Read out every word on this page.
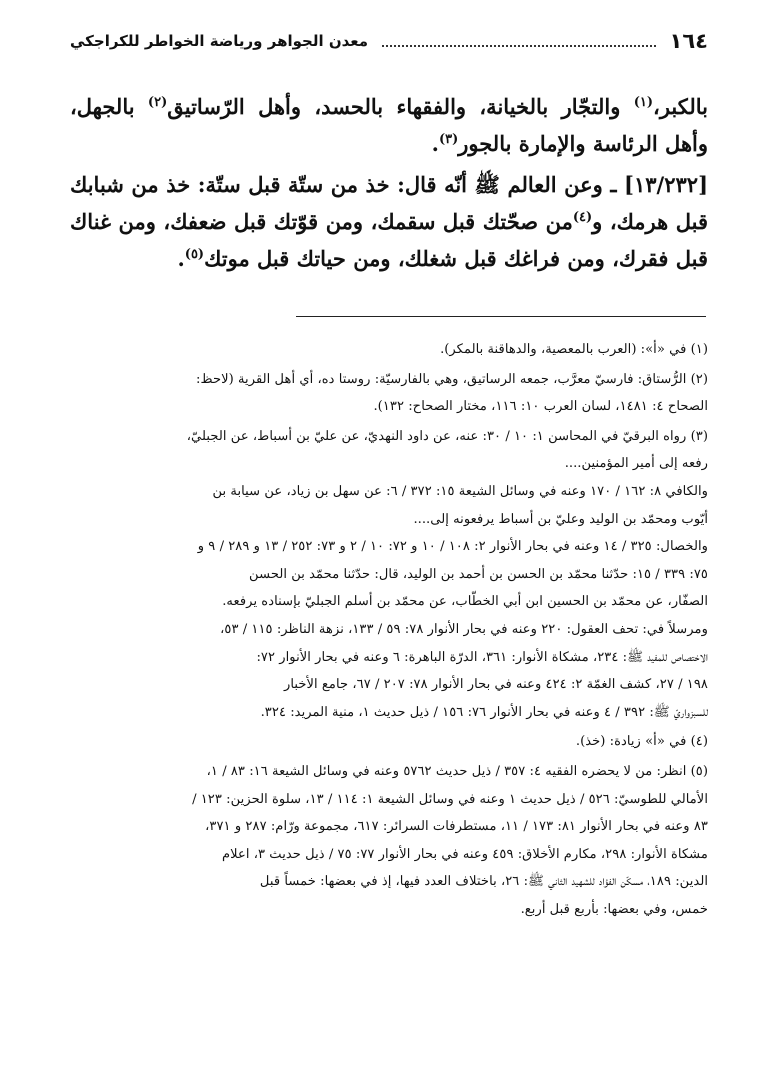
١٦٤
معدن الجواهر ورياضة الخواطر للكراجكي

بالكبر،$^{(١)}$ والتجّار بالخيانة، والفقهاء بالحسد، وأهل الرّساتيق$^{(٢)}$ بالجهل، وأهل الرئاسة والإمارة بالجور$^{(٣)}$.

[١٣/٢٣٢] ـ وعن العالم ﷺ أنّه قال: خذ من ستّة قبل ستّة: خذ من شبابك قبل هرمك، و$^{(٤)}$من صحّتك قبل سقمك، ومن قوّتك قبل ضعفك، ومن غناك قبل فقرك، ومن فراغك قبل شغلك، ومن حياتك قبل موتك$^{(٥)}$.

(١) في «أ»: (العرب بالمعصية، والدهاقنة بالمكر).
(٢) الرُّستاق: فارسيّ معرَّب، جمعه الرساتيق، وهي بالفارسيّة: روستا ده، أي أهل القرية (لاحظ:
الصحاح ٤: ١٤٨١، لسان العرب ١٠: ١١٦، مختار الصحاح: ١٣٢).
(٣) رواه البرقيّ في المحاسن ١: ١٠ / ٣٠: عنه، عن داود النهديّ، عن عليّ بن أسباط، عن الجبليّ،
رفعه إلى أمير المؤمنين....
والكافي ٨: ١٦٢ / ١٧٠ وعنه في وسائل الشيعة ١٥: ٣٧٢ / ٦: عن سهل بن زياد، عن سيابة بن
أيّوب ومحمّد بن الوليد وعليّ بن أسباط يرفعونه إلى....
والخصال: ٣٢٥ / ١٤ وعنه في بحار الأنوار ٢: ١٠٨ / ١٠ و ٧٢: ١٠ / ٢ و ٧٣: ٢٥٢ / ١٣ و ٢٨٩ / ٩ و
٧٥: ٣٣٩ / ١٥: حدّثنا محمّد بن الحسن بن أحمد بن الوليد، قال: حدّثنا محمّد بن الحسن
الصفّار، عن محمّد بن الحسين ابن أبي الخطّاب، عن محمّد بن أسلم الجبليّ بإسناده يرفعه.
ومرسلاً في: تحف العقول: ٢٢٠ وعنه في بحار الأنوار ٧٨: ٥٩ / ١٣٣، نزهة الناظر: ١١٥ / ٥٣،
الاختصاص للمفيد ﷺ: ٢٣٤، مشكاة الأنوار: ٣٦١، الدرّة الباهرة: ٦ وعنه في بحار الأنوار ٧٢:
١٩٨ / ٢٧، كشف الغمّة ٢: ٤٢٤ وعنه في بحار الأنوار ٧٨: ٢٠٧ / ٦٧، جامع الأخبار
للسبزواريّ ﷺ: ٣٩٢ / ٤ وعنه في بحار الأنوار ٧٦: ١٥٦ / ذيل حديث ١، منية المريد: ٣٢٤.
(٤) في «أ» زيادة: (خذ).
(٥) انظر: من لا يحضره الفقيه ٤: ٣٥٧ / ذيل حديث ٥٧٦٢ وعنه في وسائل الشيعة ١٦: ٨٣ / ١،
الأمالي للطوسيّ: ٥٢٦ / ذيل حديث ١ وعنه في وسائل الشيعة ١: ١١٤ / ١٣، سلوة الحزين: ١٢٣ /
٨٣ وعنه في بحار الأنوار ٨١: ١٧٣ / ١١، مستطرفات السرائر: ٦١٧، مجموعة ورّام: ٢٨٧ و ٣٧١،
مشكاة الأنوار: ٢٩٨، مكارم الأخلاق: ٤٥٩ وعنه في بحار الأنوار ٧٧: ٧٥ / ذيل حديث ٣، اعلام
الدين: ١٨٩، مسكّن الفؤاد للشهيد الثاني ﷺ: ٢٦، باختلاف العدد فيها، إذ في بعضها: خمساً قبل
خمس، وفي بعضها: بأربع قبل أربع.
